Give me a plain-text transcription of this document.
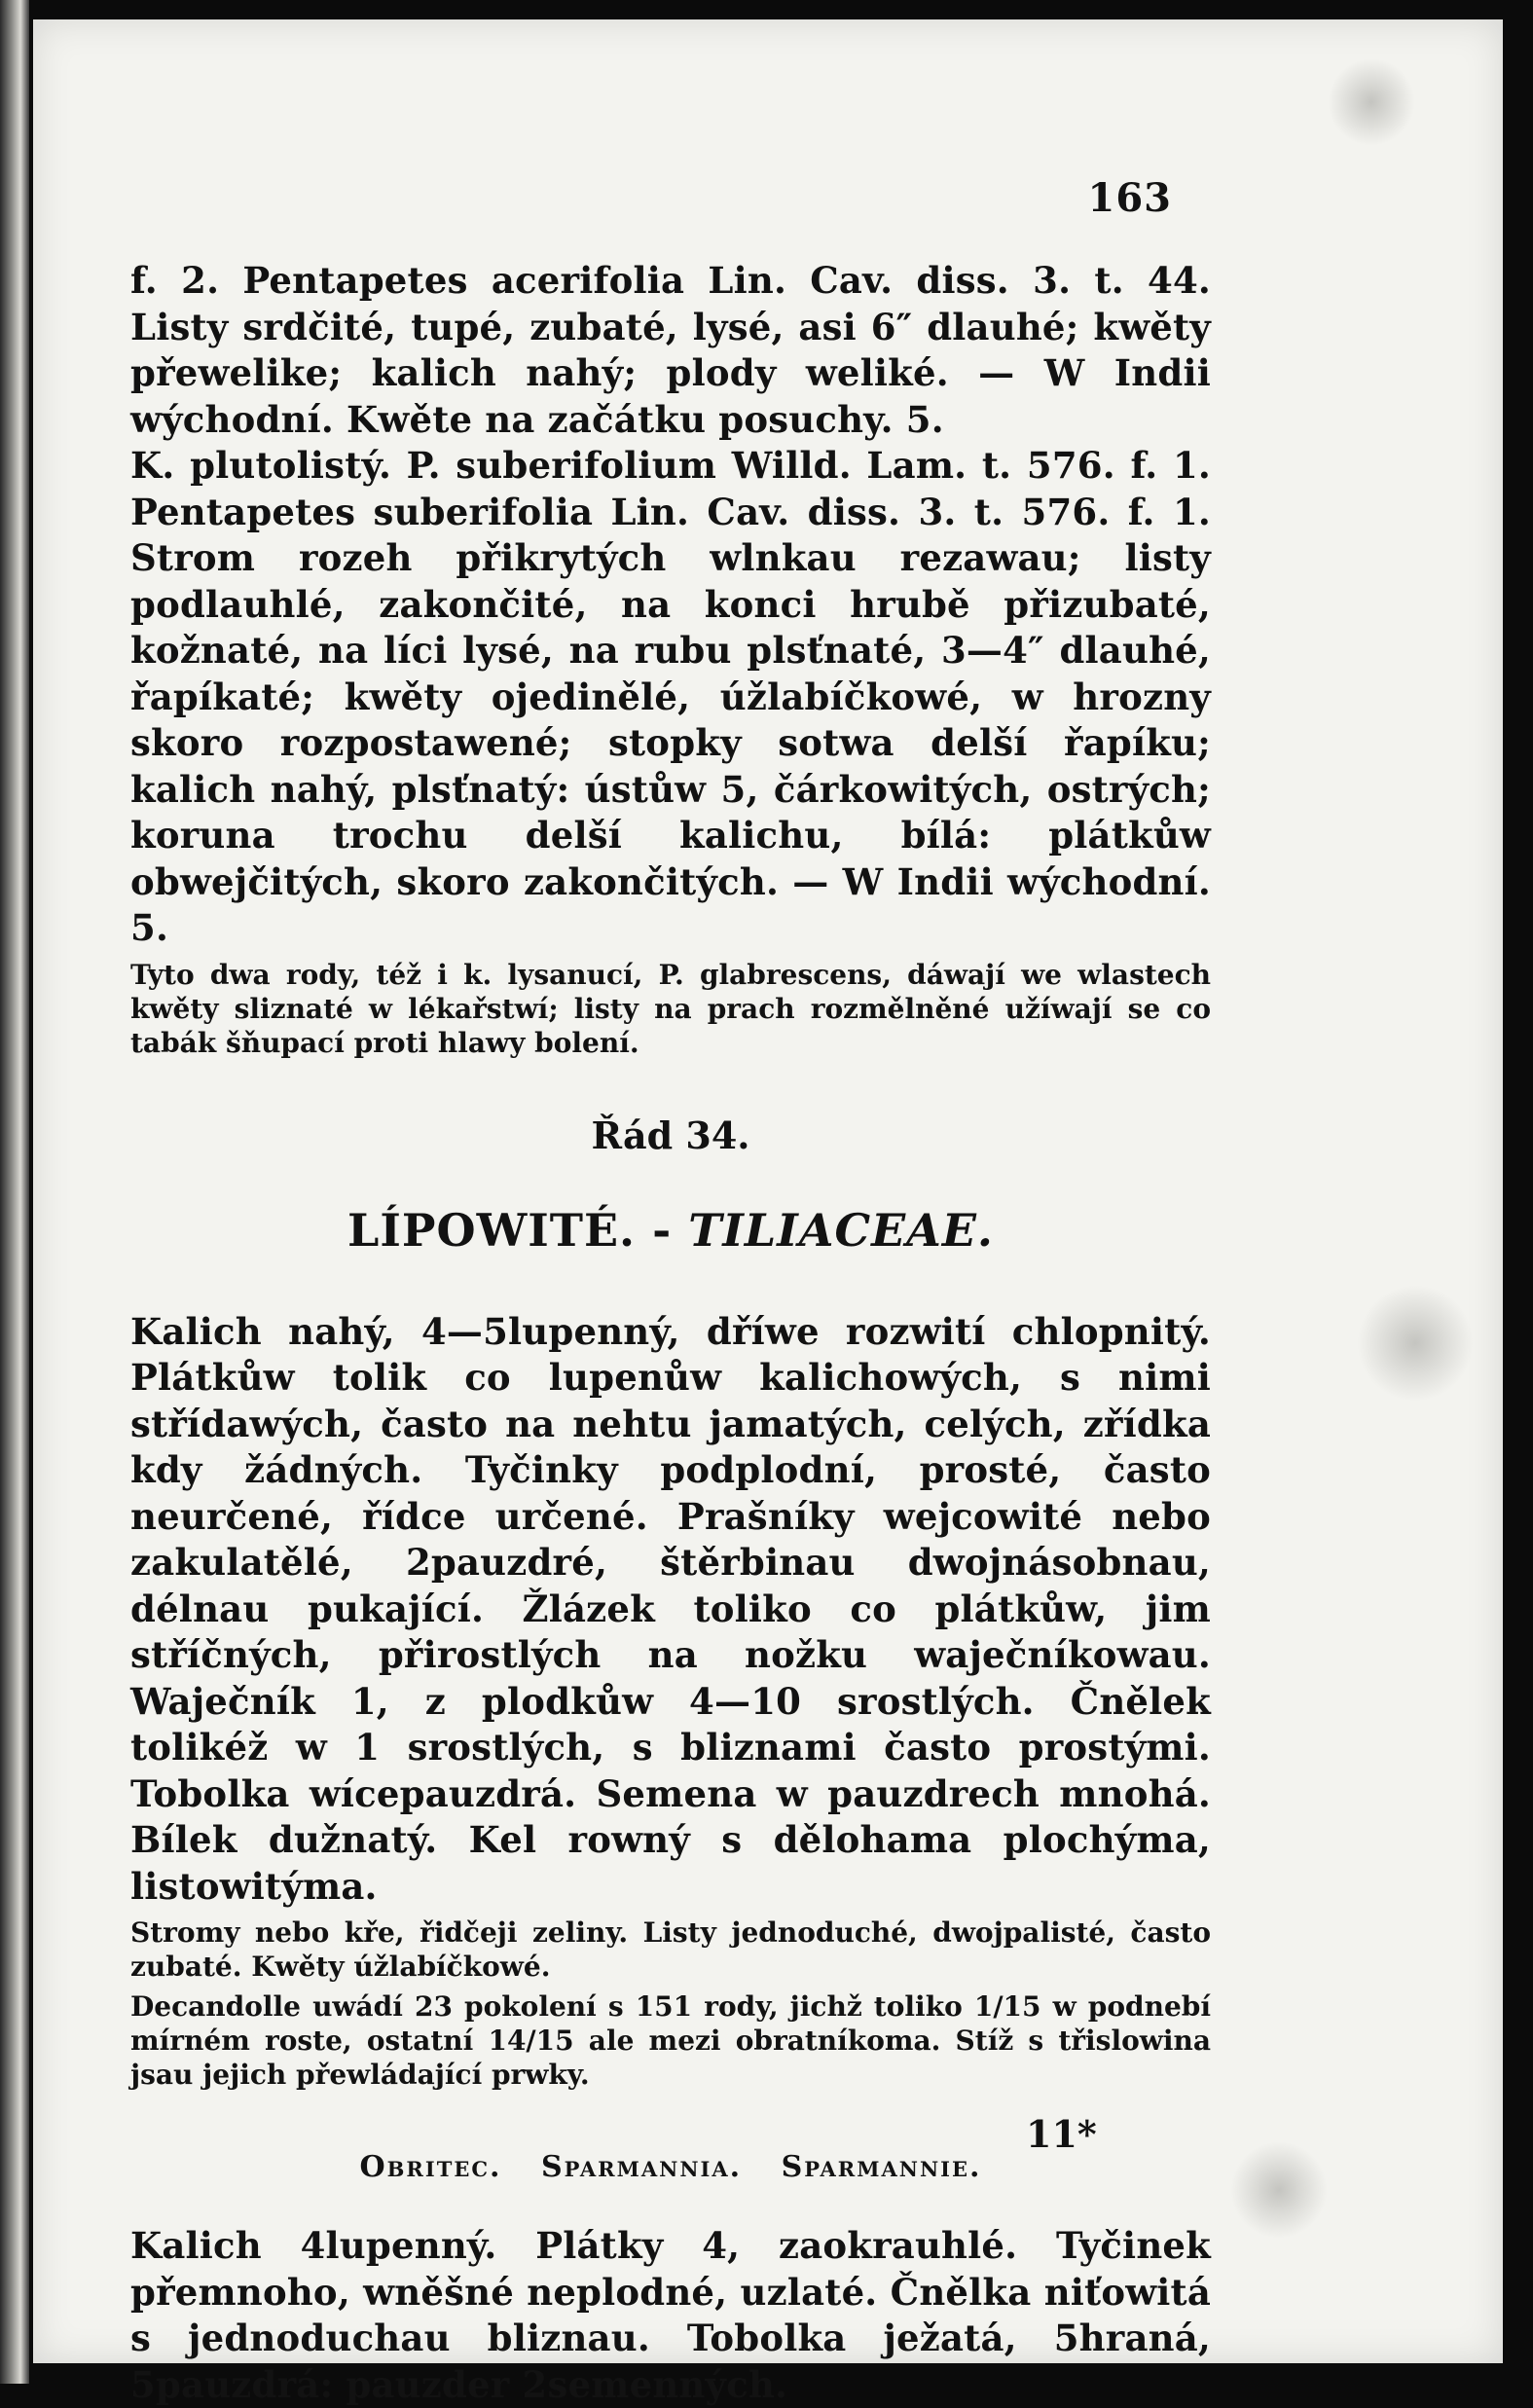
163

f. 2. Pentapetes acerifolia Lin. Cav. diss. 3. t. 44. Listy srdčité, tupé, zubaté, lysé, asi 6″ dlauhé; kwěty přewelike; kalich nahý; plody weliké. — W Indii wýchodní. Kwěte na začátku posuchy. 5.

K. plutolistý. P. suberifolium Willd. Lam. t. 576. f. 1. Pentapetes suberifolia Lin. Cav. diss. 3. t. 576. f. 1. Strom rozeh přikrytých wlnkau rezawau; listy podlauhlé, zakončité, na konci hrubě přizubaté, kožnaté, na líci lysé, na rubu plsťnaté, 3—4″ dlauhé, řapíkaté; kwěty ojedinělé, úžlabíčkowé, w hrozny skoro rozpostawené; stopky sotwa delší řapíku; kalich nahý, plsťnatý: ústůw 5, čárkowitých, ostrých; koruna trochu delší kalichu, bílá: plátkůw obwejčitých, skoro zakončitých. — W Indii wýchodní. 5.

Tyto dwa rody, též i k. lysanucí, P. glabrescens, dáwají we wlastech kwěty sliznaté w lékařstwí; listy na prach rozmělněné užíwají se co tabák šňupací proti hlawy bolení.

Řád 34.
LÍPOWITÉ. - TILIACEAE.

Kalich nahý, 4—5lupenný, dříwe rozwití chlopnitý. Plátkůw tolik co lupenůw kalichowých, s nimi střídawých, často na nehtu jamatých, celých, zřídka kdy žádných. Tyčinky podplodní, prosté, často neurčené, řídce určené. Prašníky wejcowité nebo zakulatělé, 2pauzdré, štěrbinau dwojnásobnau, délnau pukající. Žlázek toliko co plátkůw, jim stříčných, přirostlých na nožku waječníkowau. Waječník 1, z plodkůw 4—10 srostlých. Čnělek tolikéž w 1 srostlých, s bliznami často prostými. Tobolka wícepauzdrá. Semena w pauzdrech mnohá. Bílek dužnatý. Kel rowný s dělohama plochýma, listowitýma.

Stromy nebo kře, řidčeji zeliny. Listy jednoduché, dwojpalisté, často zubaté. Kwěty úžlabíčkowé.

Decandolle uwádí 23 pokolení s 151 rody, jichž toliko 1/15 w podnebí mírném roste, ostatní 14/15 ale mezi obratníkoma. Stíž s třislowina jsau jejich přewládající prwky.

Obritec. Sparmannia. Sparmannie.

Kalich 4lupenný. Plátky 4, zaokrauhlé. Tyčinek přemnoho, wněšné neplodné, uzlaté. Čnělka niťowitá s jednoduchau bliznau. Tobolka ježatá, 5hraná, 5pauzdrá: pauzder 2semenných.

11*
